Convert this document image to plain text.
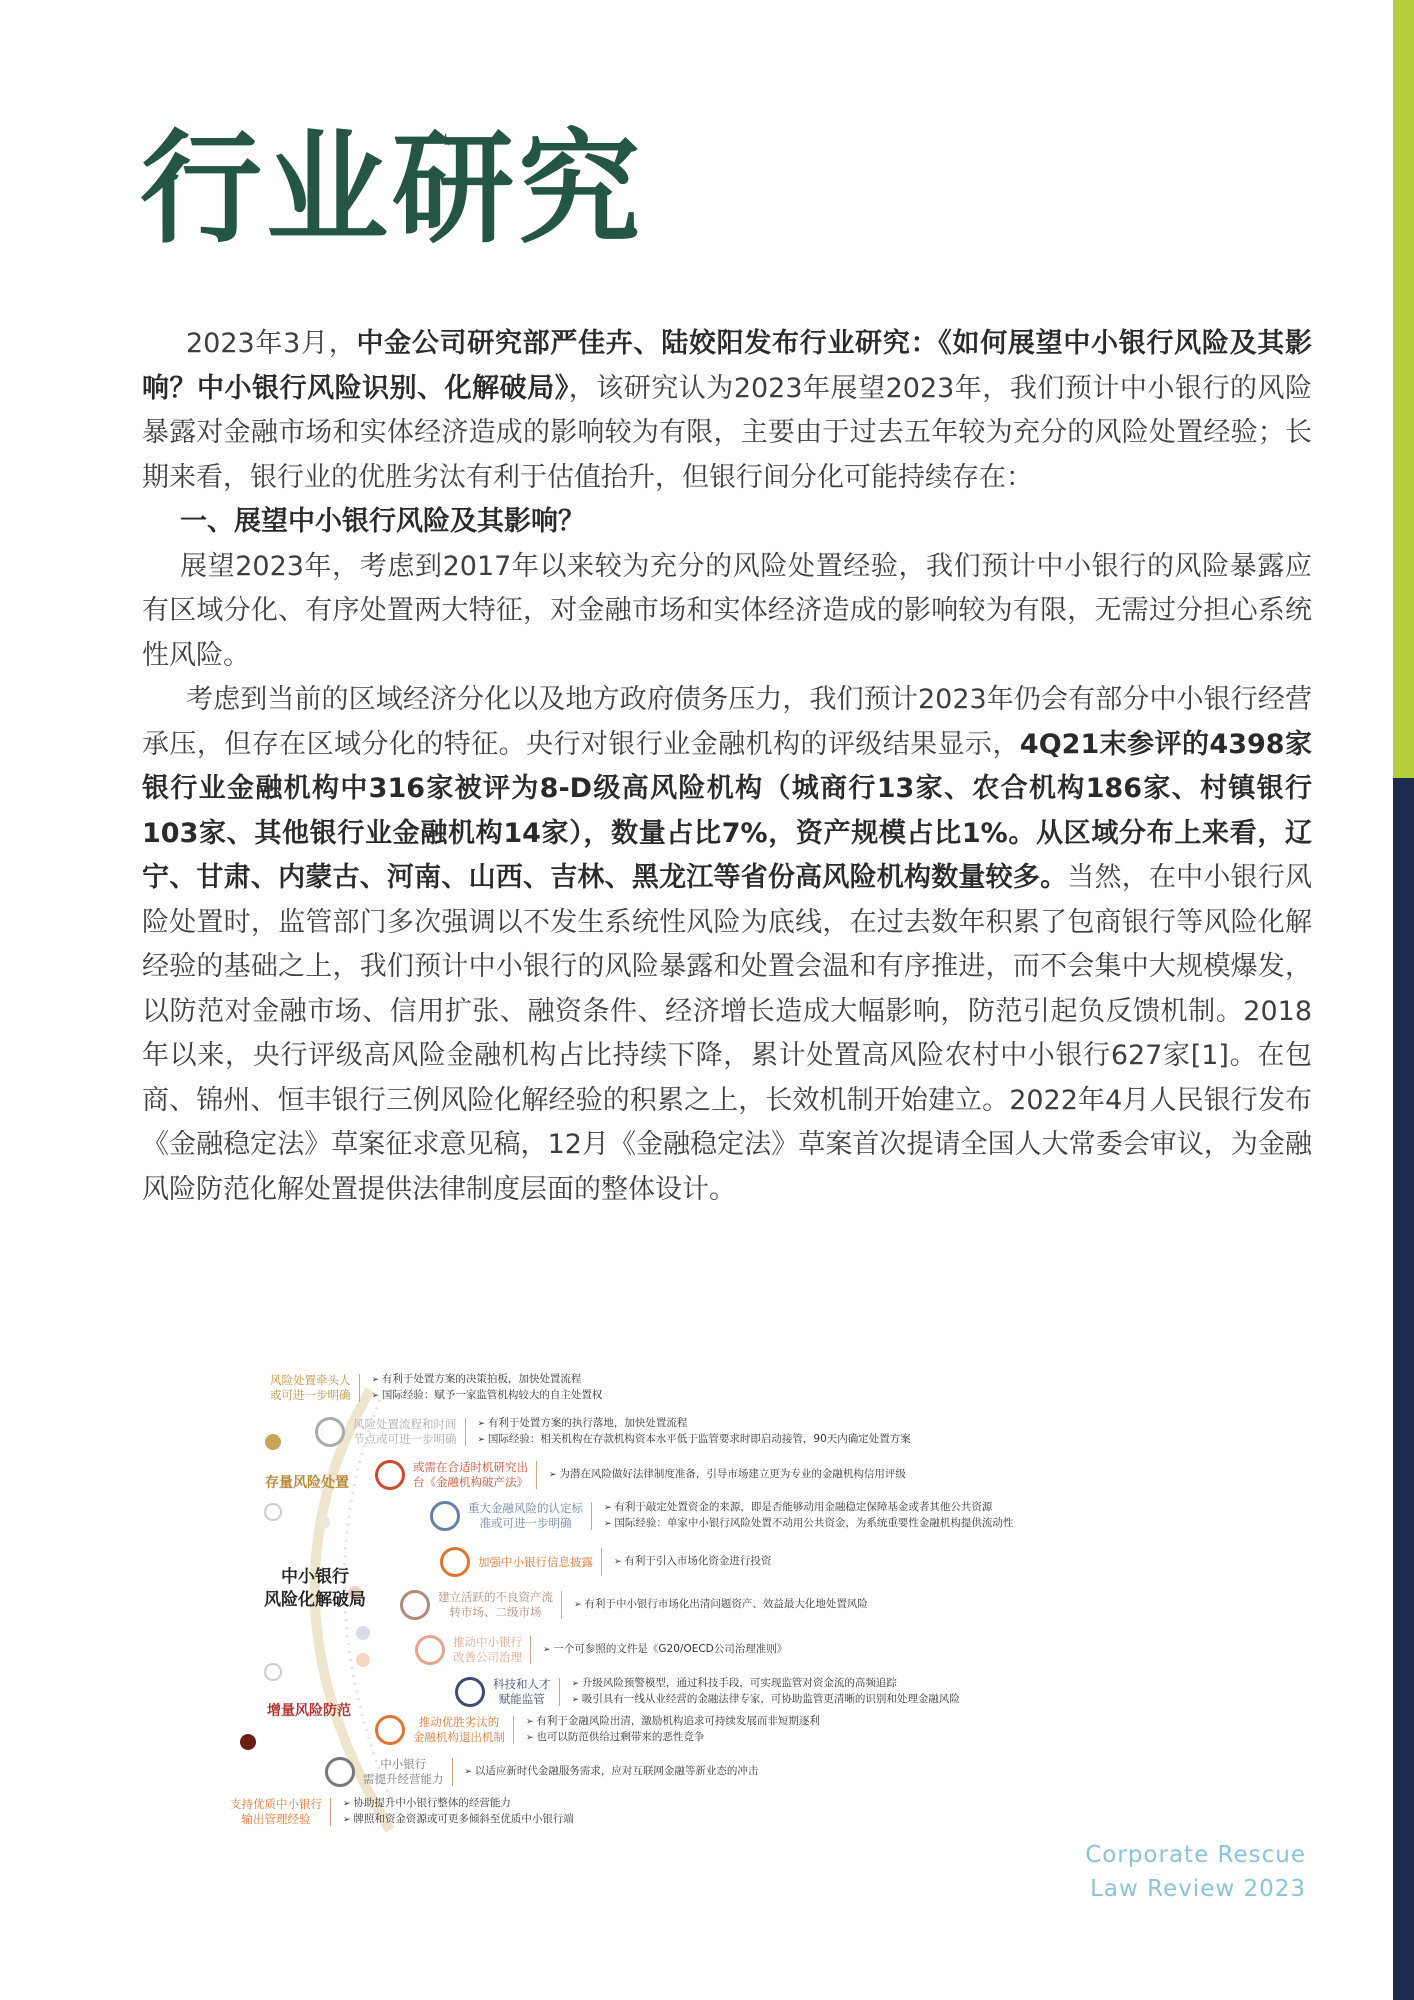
行业研究

2023年3月，中金公司研究部严佳卉、陆姣阳发布行业研究：《如何展望中小银行风险及其影响？中小银行风险识别、化解破局》，该研究认为2023年展望2023年，我们预计中小银行的风险暴露对金融市场和实体经济造成的影响较为有限，主要由于过去五年较为充分的风险处置经验；长期来看，银行业的优胜劣汰有利于估值抬升，但银行间分化可能持续存在：

一、展望中小银行风险及其影响？

展望2023年，考虑到2017年以来较为充分的风险处置经验，我们预计中小银行的风险暴露应有区域分化、有序处置两大特征，对金融市场和实体经济造成的影响较为有限，无需过分担心系统性风险。

考虑到当前的区域经济分化以及地方政府债务压力，我们预计2023年仍会有部分中小银行经营承压，但存在区域分化的特征。央行对银行业金融机构的评级结果显示，4Q21末参评的4398家银行业金融机构中316家被评为8-D级高风险机构（城商行13家、农合机构186家、村镇银行103家、其他银行业金融机构14家），数量占比7%，资产规模占比1%。从区域分布上来看，辽宁、甘肃、内蒙古、河南、山西、吉林、黑龙江等省份高风险机构数量较多。当然，在中小银行风险处置时，监管部门多次强调以不发生系统性风险为底线，在过去数年积累了包商银行等风险化解经验的基础之上，我们预计中小银行的风险暴露和处置会温和有序推进，而不会集中大规模爆发，以防范对金融市场、信用扩张、融资条件、经济增长造成大幅影响，防范引起负反馈机制。2018年以来，央行评级高风险金融机构占比持续下降，累计处置高风险农村中小银行627家[1]。在包商、锦州、恒丰银行三例风险化解经验的积累之上，长效机制开始建立。2022年4月人民银行发布《金融稳定法》草案征求意见稿，12月《金融稳定法》草案首次提请全国人大常委会审议，为金融风险防范化解处置提供法律制度层面的整体设计。

中小银行
风险化解破局
存量风险处置
增量风险防范
风险处置牵头人
或可进一步明确
➢ 有利于处置方案的决策拍板，加快处置流程
➢ 国际经验：赋予一家监管机构较大的自主处置权
风险处置流程和时间
节点或可进一步明确
➢ 有利于处置方案的执行落地，加快处置流程
➢ 国际经验：相关机构在存款机构资本水平低于监管要求时即启动接管，90天内确定处置方案
或需在合适时机研究出
台《金融机构破产法》
➢ 为潜在风险做好法律制度准备，引导市场建立更为专业的金融机构信用评级
重大金融风险的认定标
准或可进一步明确
➢ 有利于敲定处置资金的来源，即是否能够动用金融稳定保障基金或者其他公共资源
➢ 国际经验：单家中小银行风险处置不动用公共资金，为系统重要性金融机构提供流动性
加强中小银行信息披露
➢	有利于引入市场化资金进行投资
建立活跃的不良资产流
转市场、二级市场
➢ 有利于中小银行市场化出清问题资产、效益最大化地处置风险
推动中小银行
改善公司治理
➢ 一个可参照的文件是《G20/OECD公司治理准则》
科技和人才
赋能监管
➢ 升级风险预警模型，通过科技手段，可实现监管对资金流的高频追踪
➢ 吸引具有一线从业经营的金融法律专家，可协助监管更清晰的识别和处理金融风险
推动优胜劣汰的
金融机构退出机制
➢ 有利于金融风险出清，激励机构追求可持续发展而非短期逐利
➢ 也可以防范供给过剩带来的恶性竞争
中小银行
需提升经营能力
➢ 以适应新时代金融服务需求，应对互联网金融等新业态的冲击
支持优质中小银行
输出管理经验
➢ 协助提升中小银行整体的经营能力
➢ 牌照和资金资源或可更多倾斜至优质中小银行端
Corporate Rescue
Law Review 2023
